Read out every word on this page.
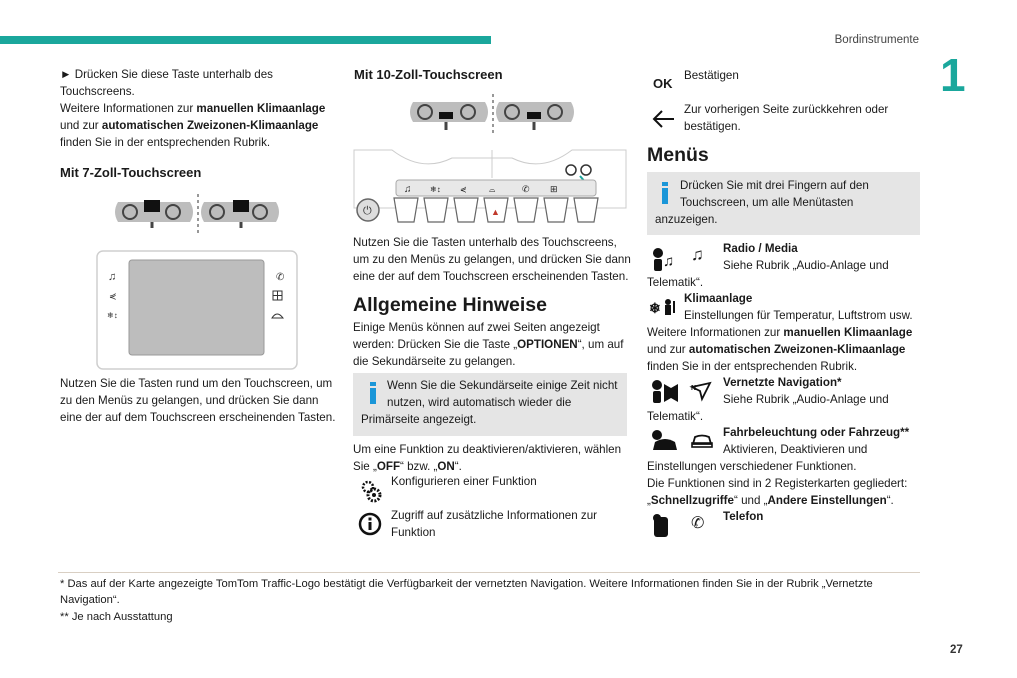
Bordinstrumente
1
► Drücken Sie diese Taste unterhalb des
Touchscreens.
Weitere Informationen zur manuellen Klimaanlage
und zur automatischen Zweizonen-Klimaanlage
finden Sie in der entsprechenden Rubrik.
Mit 7-Zoll-Touchscreen
♫
⋞
❄↕
✆
Nutzen Sie die Tasten rund um den Touchscreen, um
zu den Menüs zu gelangen, und drücken Sie dann
eine der auf dem Touchscreen erscheinenden Tasten.
Mit 10-Zoll-Touchscreen
♫ ❄↕ ⋞	⌓	✆ ⊞
⏻	▲
Nutzen Sie die Tasten unterhalb des Touchscreens,
um zu den Menüs zu gelangen, und drücken Sie dann
eine der auf dem Touchscreen erscheinenden Tasten.
Allgemeine Hinweise
Einige Menüs können auf zwei Seiten angezeigt
werden: Drücken Sie die Taste „OPTIONEN“, um auf
die Sekundärseite zu gelangen.
Wenn Sie die Sekundärseite einige Zeit nicht
nutzen, wird automatisch wieder die
Primärseite angezeigt.
Um eine Funktion zu deaktivieren/aktivieren, wählen
Sie „OFF“ bzw. „ON“.
Konfigurieren einer Funktion
Zugriff auf zusätzliche Informationen zur
Funktion
OK
Bestätigen
Zur vorherigen Seite zurückkehren oder
bestätigen.
Menüs
Drücken Sie mit drei Fingern auf den
Touchscreen, um alle Menütasten
anzuzeigen.
♫ ♫ Radio / Media
Siehe Rubrik „Audio-Anlage und
Telematik“.
❄
Klimaanlage
Einstellungen für Temperatur, Luftstrom usw.
Weitere Informationen zur manuellen Klimaanlage
und zur automatischen Zweizonen-Klimaanlage
finden Sie in der entsprechenden Rubrik.
N Vernetzte Navigation*
Siehe Rubrik „Audio-Anlage und
Telematik“.
Fahrbeleuchtung oder Fahrzeug**
Aktivieren, Deaktivieren und
Einstellungen verschiedener Funktionen.
Die Funktionen sind in 2 Registerkarten gegliedert:
„Schnellzugriffe“ und „Andere Einstellungen“.
✆ Telefon
* Das auf der Karte angezeigte TomTom Traffic-Logo bestätigt die Verfügbarkeit der vernetzten Navigation. Weitere Informationen finden Sie in der Rubrik „Vernetzte
Navigation“.
** Je nach Ausstattung
27
